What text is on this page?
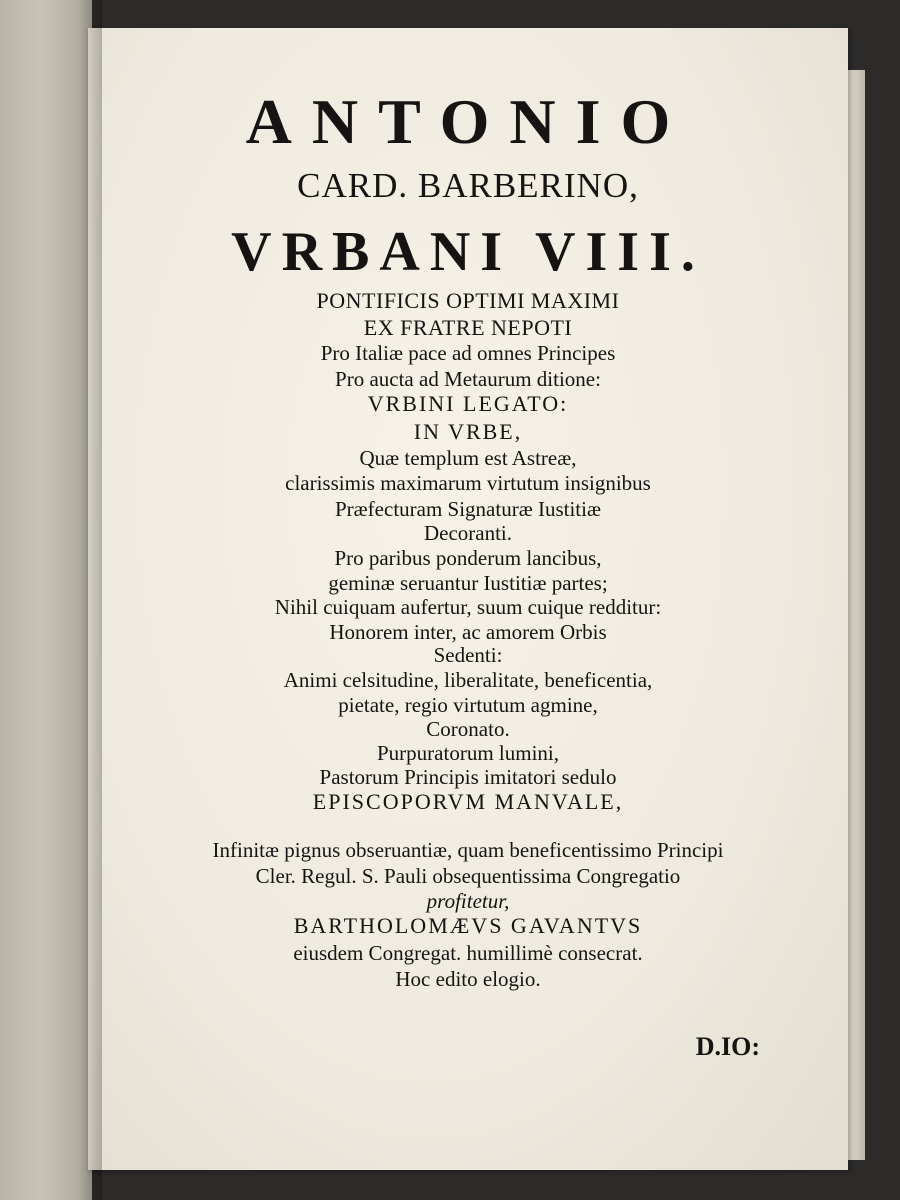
ANTONIO
CARD. BARBERINO,
VRBANI VIII.
PONTIFICIS OPTIMI MAXIMI
EX FRATRE NEPOTI
Pro Italiæ pace ad omnes Principes
Pro aucta ad Metaurum ditione:
VRBINI LEGATO:
IN VRBE,
Quæ templum est Astreæ,
clarissimis maximarum virtutum insignibus
Præfecturam Signaturæ Iustitiæ
Decoranti.
Pro paribus ponderum lancibus,
geminæ seruantur Iustitiæ partes;
Nihil cuiquam aufertur, suum cuique redditur:
Honorem inter, ac amorem Orbis
Sedenti:
Animi celsitudine, liberalitate, beneficentia,
pietate, regio virtutum agmine,
Coronato.
Purpuratorum lumini,
Pastorum Principis imitatori sedulo
EPISCOPORVM MANVALE,
Infinitæ pignus obseruantiæ, quam beneficentissimo Principi
Cler. Regul. S. Pauli obsequentissima Congregatio
profitetur,
BARTHOLOMÆVS GAVANTVS
eiusdem Congregat. humillimè consecrat.
Hoc edito elogio.
D.IO:
